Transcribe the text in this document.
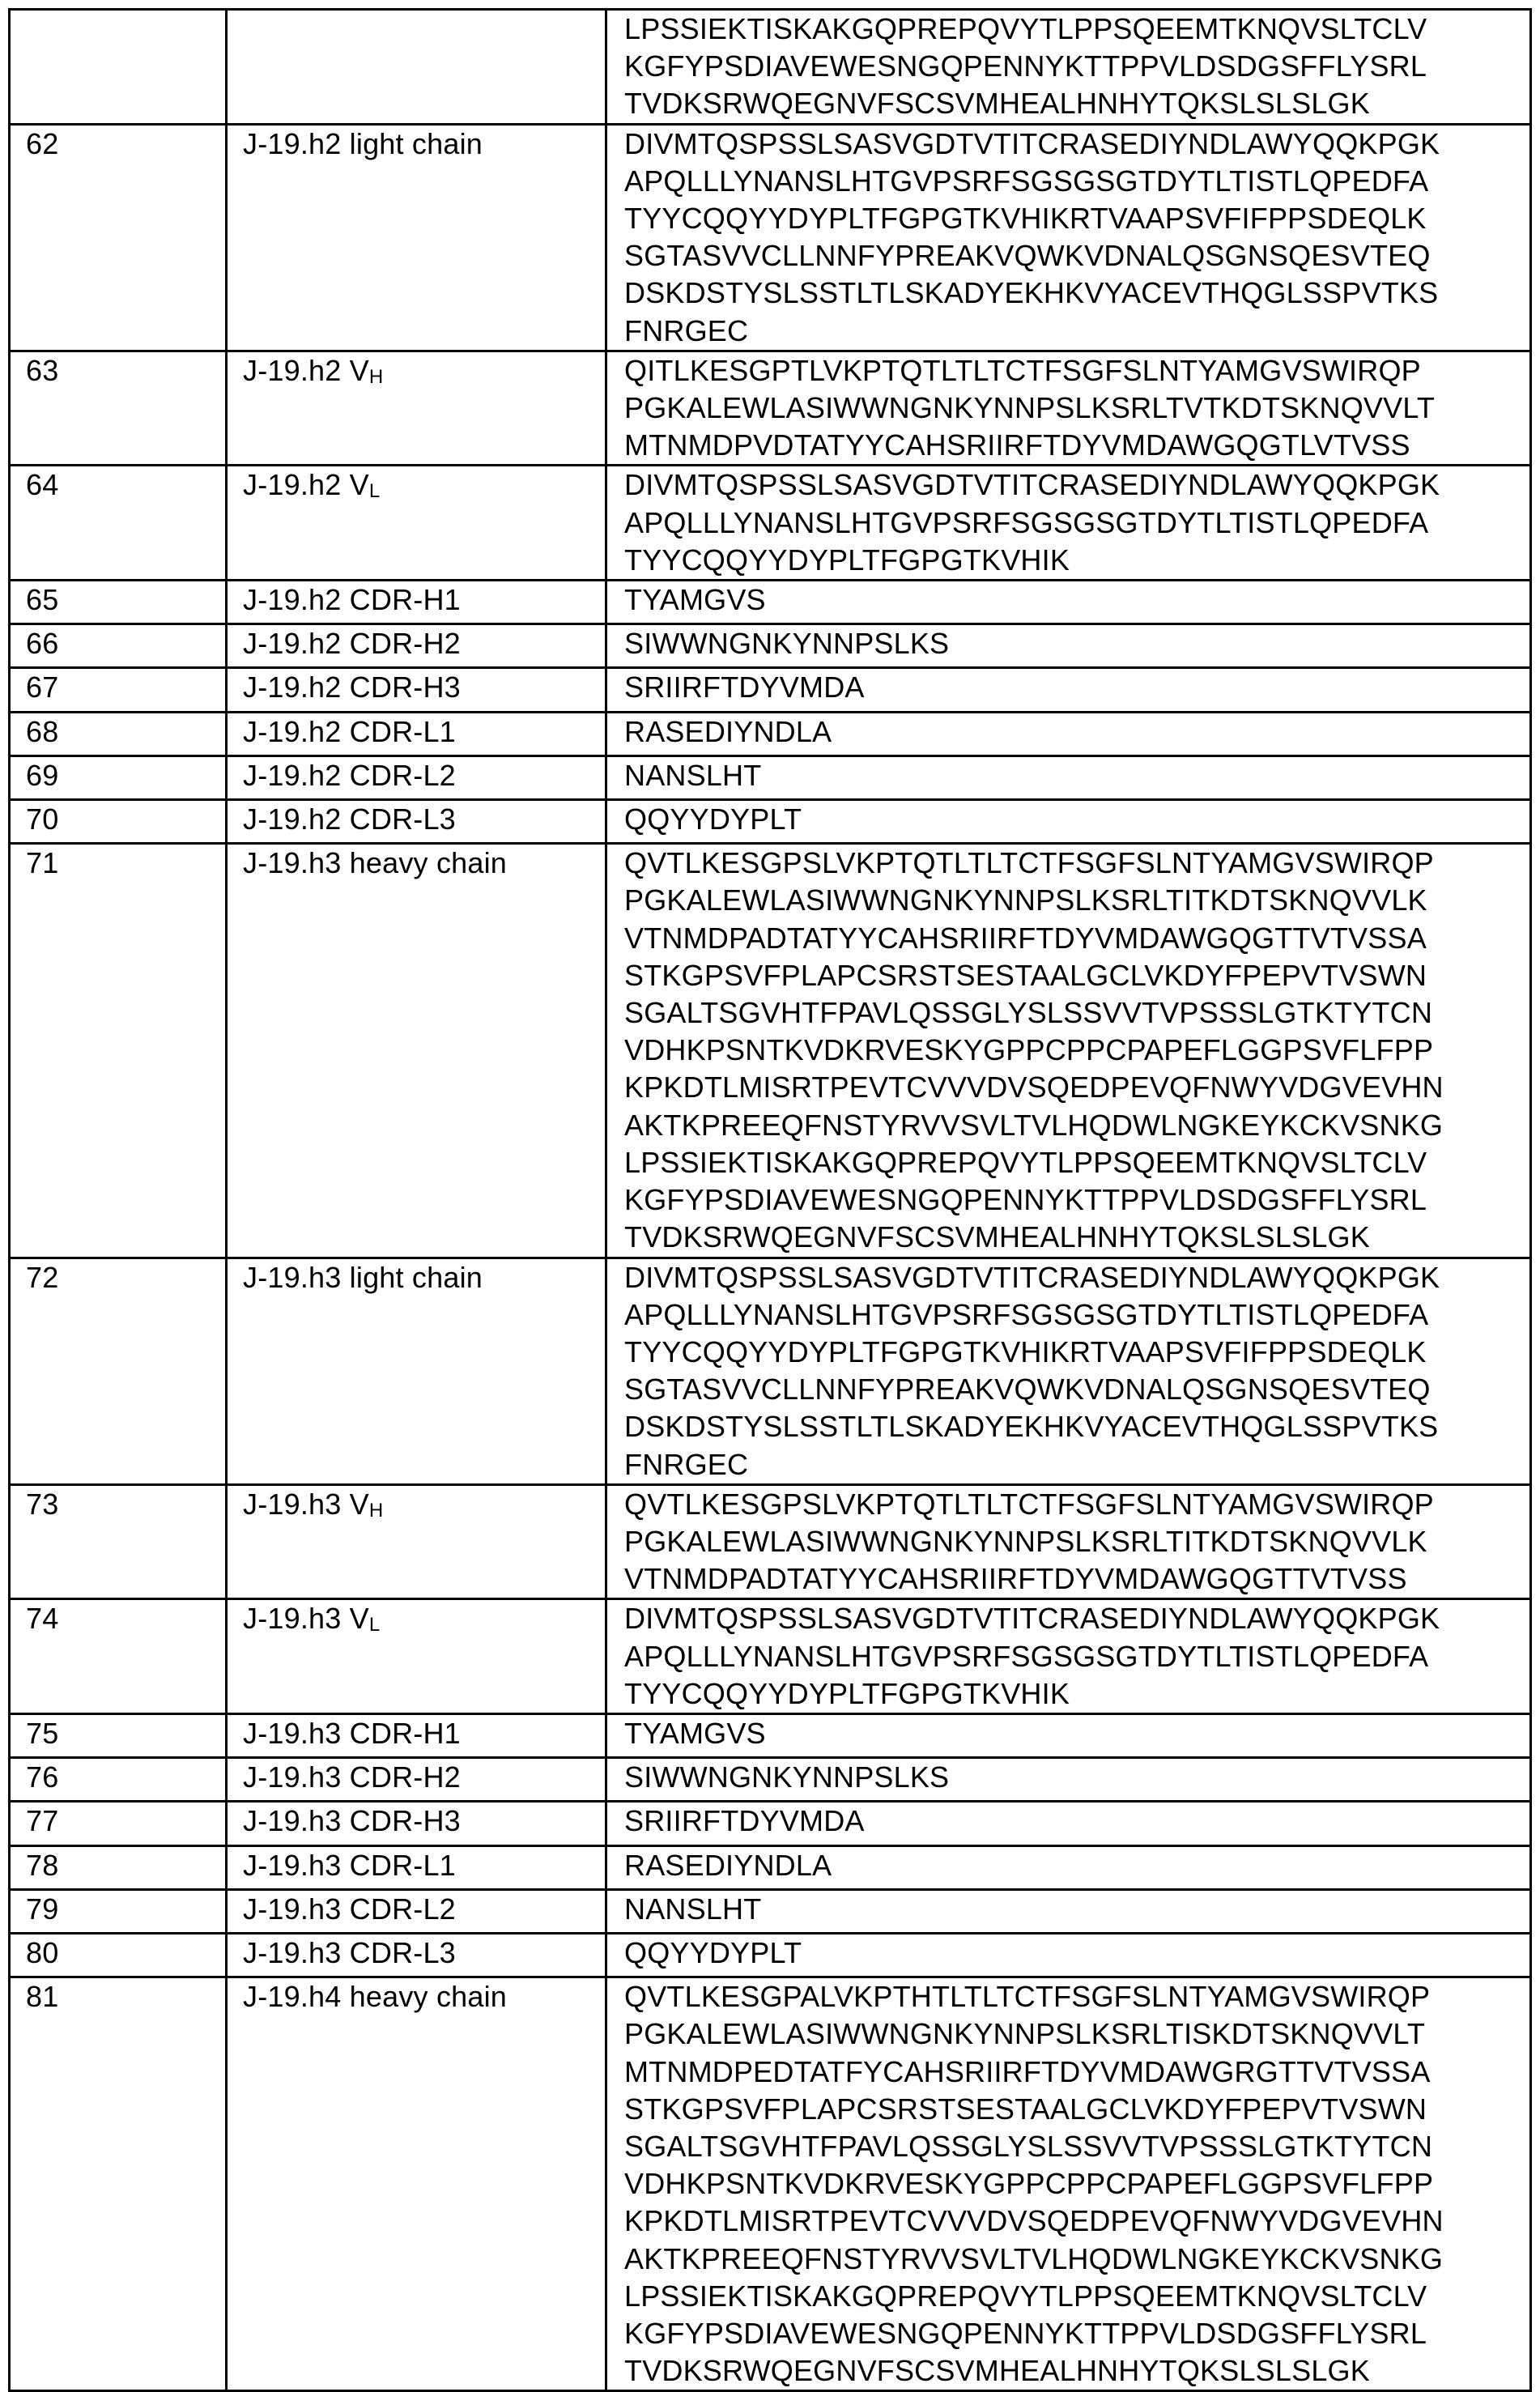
		LPSSIEKTISKAKGQPREPQVYTLPPSQEEMTKNQVSLTCLV
KGFYPSDIAVEWESNGQPENNYKTTPPVLDSDGSFFLYSRL
TVDKSRWQEGNVFSCSVMHEALHNHYTQKSLSLSLGK

62	J-19.h2 light chain	DIVMTQSPSSLSASVGDTVTITCRASEDIYNDLAWYQQKPGK
APQLLLYNANSLHTGVPSRFSGSGSGTDYTLTISTLQPEDFA
TYYCQQYYDYPLTFGPGTKVHIKRTVAAPSVFIFPPSDEQLK
SGTASVVCLLNNFYPREAKVQWKVDNALQSGNSQESVTEQ
DSKDSTYSLSSTLTLSKADYEKHKVYACEVTHQGLSSPVTKS
FNRGEC

63	J-19.h2 VH	QITLKESGPTLVKPTQTLTLTCTFSGFSLNTYAMGVSWIRQP
PGKALEWLASIWWNGNKYNNPSLKSRLTVTKDTSKNQVVLT
MTNMDPVDTATYYCAHSRIIRFTDYVMDAWGQGTLVTVSS

64	J-19.h2 VL	DIVMTQSPSSLSASVGDTVTITCRASEDIYNDLAWYQQKPGK
APQLLLYNANSLHTGVPSRFSGSGSGTDYTLTISTLQPEDFA
TYYCQQYYDYPLTFGPGTKVHIK

65	J-19.h2 CDR-H1	TYAMGVS

66	J-19.h2 CDR-H2	SIWWNGNKYNNPSLKS

67	J-19.h2 CDR-H3	SRIIRFTDYVMDA

68	J-19.h2 CDR-L1	RASEDIYNDLA

69	J-19.h2 CDR-L2	NANSLHT

70	J-19.h2 CDR-L3	QQYYDYPLT

71	J-19.h3 heavy chain	QVTLKESGPSLVKPTQTLTLTCTFSGFSLNTYAMGVSWIRQP
PGKALEWLASIWWNGNKYNNPSLKSRLTITKDTSKNQVVLK
VTNMDPADTATYYCAHSRIIRFTDYVMDAWGQGTTVTVSSA
STKGPSVFPLAPCSRSTSESTAALGCLVKDYFPEPVTVSWN
SGALTSGVHTFPAVLQSSGLYSLSSVVTVPSSSLGTKTYTCN
VDHKPSNTKVDKRVESKYGPPCPPCPAPEFLGGPSVFLFPP
KPKDTLMISRTPEVTCVVVDVSQEDPEVQFNWYVDGVEVHN
AKTKPREEQFNSTYRVVSVLTVLHQDWLNGKEYKCKVSNKG
LPSSIEKTISKAKGQPREPQVYTLPPSQEEMTKNQVSLTCLV
KGFYPSDIAVEWESNGQPENNYKTTPPVLDSDGSFFLYSRL
TVDKSRWQEGNVFSCSVMHEALHNHYTQKSLSLSLGK

72	J-19.h3 light chain	DIVMTQSPSSLSASVGDTVTITCRASEDIYNDLAWYQQKPGK
APQLLLYNANSLHTGVPSRFSGSGSGTDYTLTISTLQPEDFA
TYYCQQYYDYPLTFGPGTKVHIKRTVAAPSVFIFPPSDEQLK
SGTASVVCLLNNFYPREAKVQWKVDNALQSGNSQESVTEQ
DSKDSTYSLSSTLTLSKADYEKHKVYACEVTHQGLSSPVTKS
FNRGEC

73	J-19.h3 VH	QVTLKESGPSLVKPTQTLTLTCTFSGFSLNTYAMGVSWIRQP
PGKALEWLASIWWNGNKYNNPSLKSRLTITKDTSKNQVVLK
VTNMDPADTATYYCAHSRIIRFTDYVMDAWGQGTTVTVSS

74	J-19.h3 VL	DIVMTQSPSSLSASVGDTVTITCRASEDIYNDLAWYQQKPGK
APQLLLYNANSLHTGVPSRFSGSGSGTDYTLTISTLQPEDFA
TYYCQQYYDYPLTFGPGTKVHIK

75	J-19.h3 CDR-H1	TYAMGVS

76	J-19.h3 CDR-H2	SIWWNGNKYNNPSLKS

77	J-19.h3 CDR-H3	SRIIRFTDYVMDA

78	J-19.h3 CDR-L1	RASEDIYNDLA

79	J-19.h3 CDR-L2	NANSLHT

80	J-19.h3 CDR-L3	QQYYDYPLT

81	J-19.h4 heavy chain	QVTLKESGPALVKPTHTLTLTCTFSGFSLNTYAMGVSWIRQP
PGKALEWLASIWWNGNKYNNPSLKSRLTISKDTSKNQVVLT
MTNMDPEDTATFYCAHSRIIRFTDYVMDAWGRGTTVTVSSA
STKGPSVFPLAPCSRSTSESTAALGCLVKDYFPEPVTVSWN
SGALTSGVHTFPAVLQSSGLYSLSSVVTVPSSSLGTKTYTCN
VDHKPSNTKVDKRVESKYGPPCPPCPAPEFLGGPSVFLFPP
KPKDTLMISRTPEVTCVVVDVSQEDPEVQFNWYVDGVEVHN
AKTKPREEQFNSTYRVVSVLTVLHQDWLNGKEYKCKVSNKG
LPSSIEKTISKAKGQPREPQVYTLPPSQEEMTKNQVSLTCLV
KGFYPSDIAVEWESNGQPENNYKTTPPVLDSDGSFFLYSRL
TVDKSRWQEGNVFSCSVMHEALHNHYTQKSLSLSLGK
